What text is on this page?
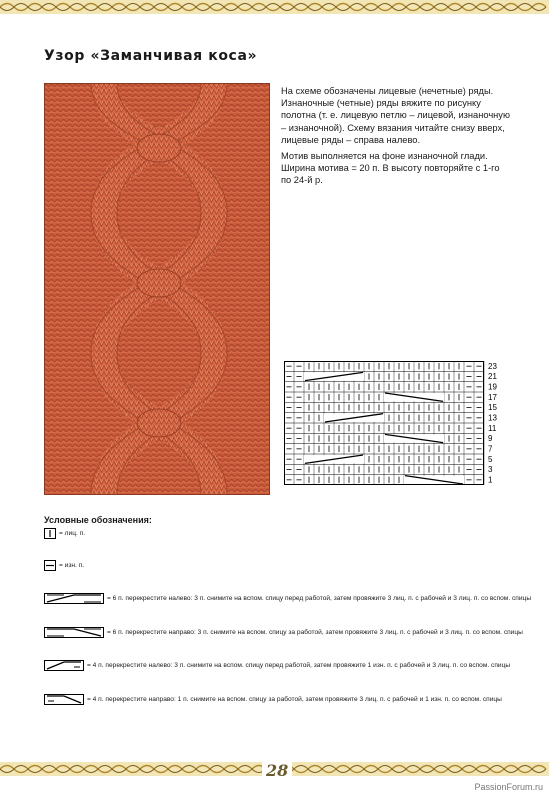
Узор «Заманчивая коса»

На схеме обозначены лицевые (нечетные) ряды. Изнаночные (четные) ряды вяжите по рисунку полотна (т. е. лицевую петлю – лицевой, изнаночную – изнаночной). Схему вязания читайте снизу вверх, лицевые ряды – справа налево.

Мотив выполняется на фоне изнаночной глади. Ширина мотива = 20 п. В высоту повторяйте с 1-го по 24-й р.

23
21
19
17
15
13
11
9
7
5
3
1
Условные обозначения:
= лиц. п.
= изн. п.
= 6 п. перекрестите налево: 3 п. снимите на вспом. спицу перед работой, затем провяжите 3 лиц. п. с рабочей и 3 лиц. п. со вспом. спицы
= 6 п. перекрестите направо: 3 п. снимите на вспом. спицу за работой, затем провяжите 3 лиц. п. с рабочей и 3 лиц. п. со вспом. спицы
= 4 п. перекрестите налево: 3 п. снимите на вспом. спицу перед работой, затем провяжите 1 изн. п. с рабочей и 3 лиц. п. со вспом. спицы
= 4 п. перекрестите направо: 1 п. снимите на вспом. спицу за работой, затем провяжите 3 лиц. п. с рабочей и 1 изн. п. со вспом. спицы
28
PassionForum.ru
